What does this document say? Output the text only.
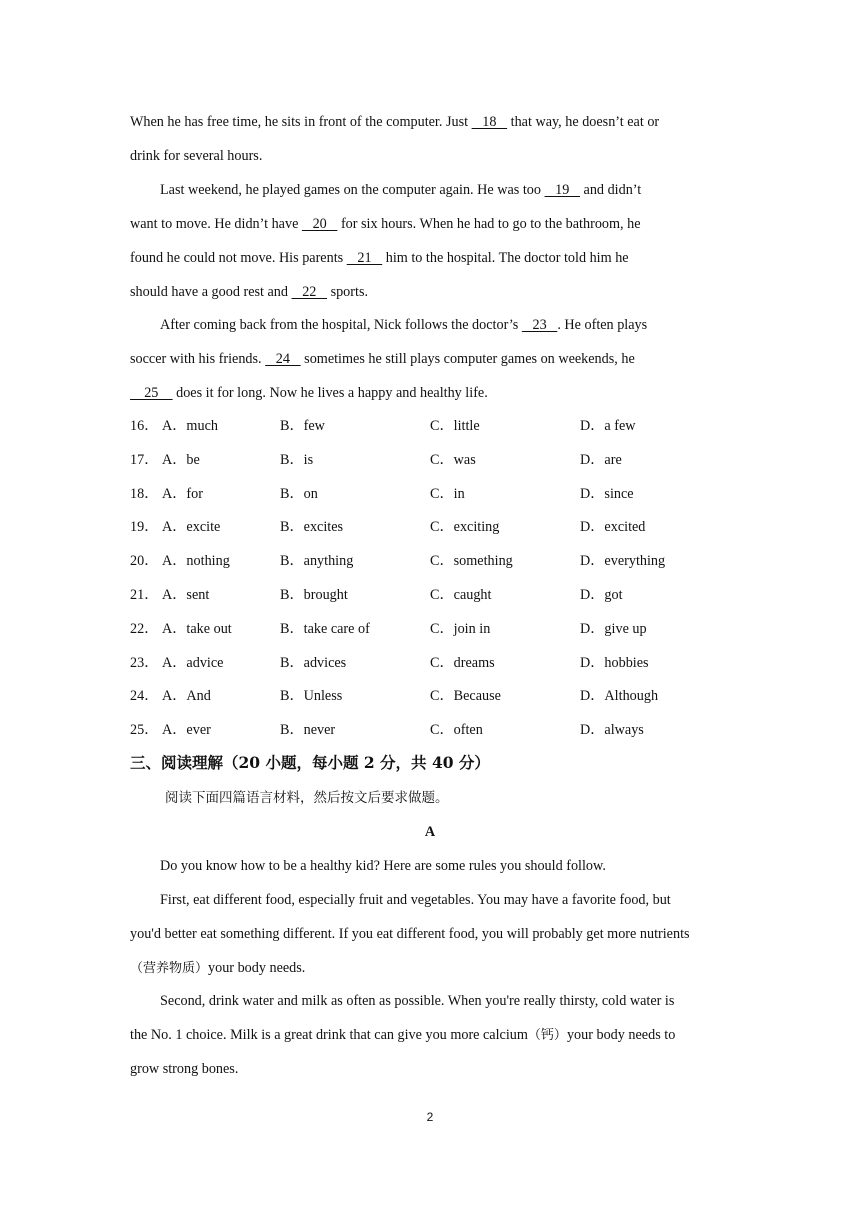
When he has free time, he sits in front of the computer. Just    18    that way, he doesn’t eat or
drink for several hours.
Last weekend, he played games on the computer again. He was too    19    and didn’t
want to move. He didn’t have    20    for six hours. When he had to go to the bathroom, he
found he could not move. His parents    21    him to the hospital. The doctor told him he
should have a good rest and    22    sports.
After coming back from the hospital, Nick follows the doctor’s    23   . He often plays
soccer with his friends.    24    sometimes he still plays computer games on weekends, he
25     does it for long. Now he lives a happy and healthy life.
16． A．much	B．few	C．little	D．a few
17． A．be	B．is	C．was	D．are
18． A．for	B．on	C．in	D．since
19． A．excite	B．excites	C．exciting	D．excited
20． A．nothing	B．anything	C．something	D．everything
21． A．sent	B．brought	C．caught	D．got
22． A．take out	B．take care of	C．join in	D．give up
23． A．advice	B．advices	C．dreams	D．hobbies
24． A．And	B．Unless	C．Because	D．Although
25． A．ever	B．never	C．often	D．always
三、阅读理解（20 小题，每小题 2 分，共 40 分）
阅读下面四篇语言材料，然后按文后要求做题。
A
Do you know how to be a healthy kid? Here are some rules you should follow.
First, eat different food, especially fruit and vegetables. You may have a favorite food, but
you'd better eat something different. If you eat different food, you will probably get more nutrients
（营养物质）your body needs.
Second, drink water and milk as often as possible. When you're really thirsty, cold water is
the No. 1 choice. Milk is a great drink that can give you more calcium（钙）your body needs to
grow strong bones.
2
